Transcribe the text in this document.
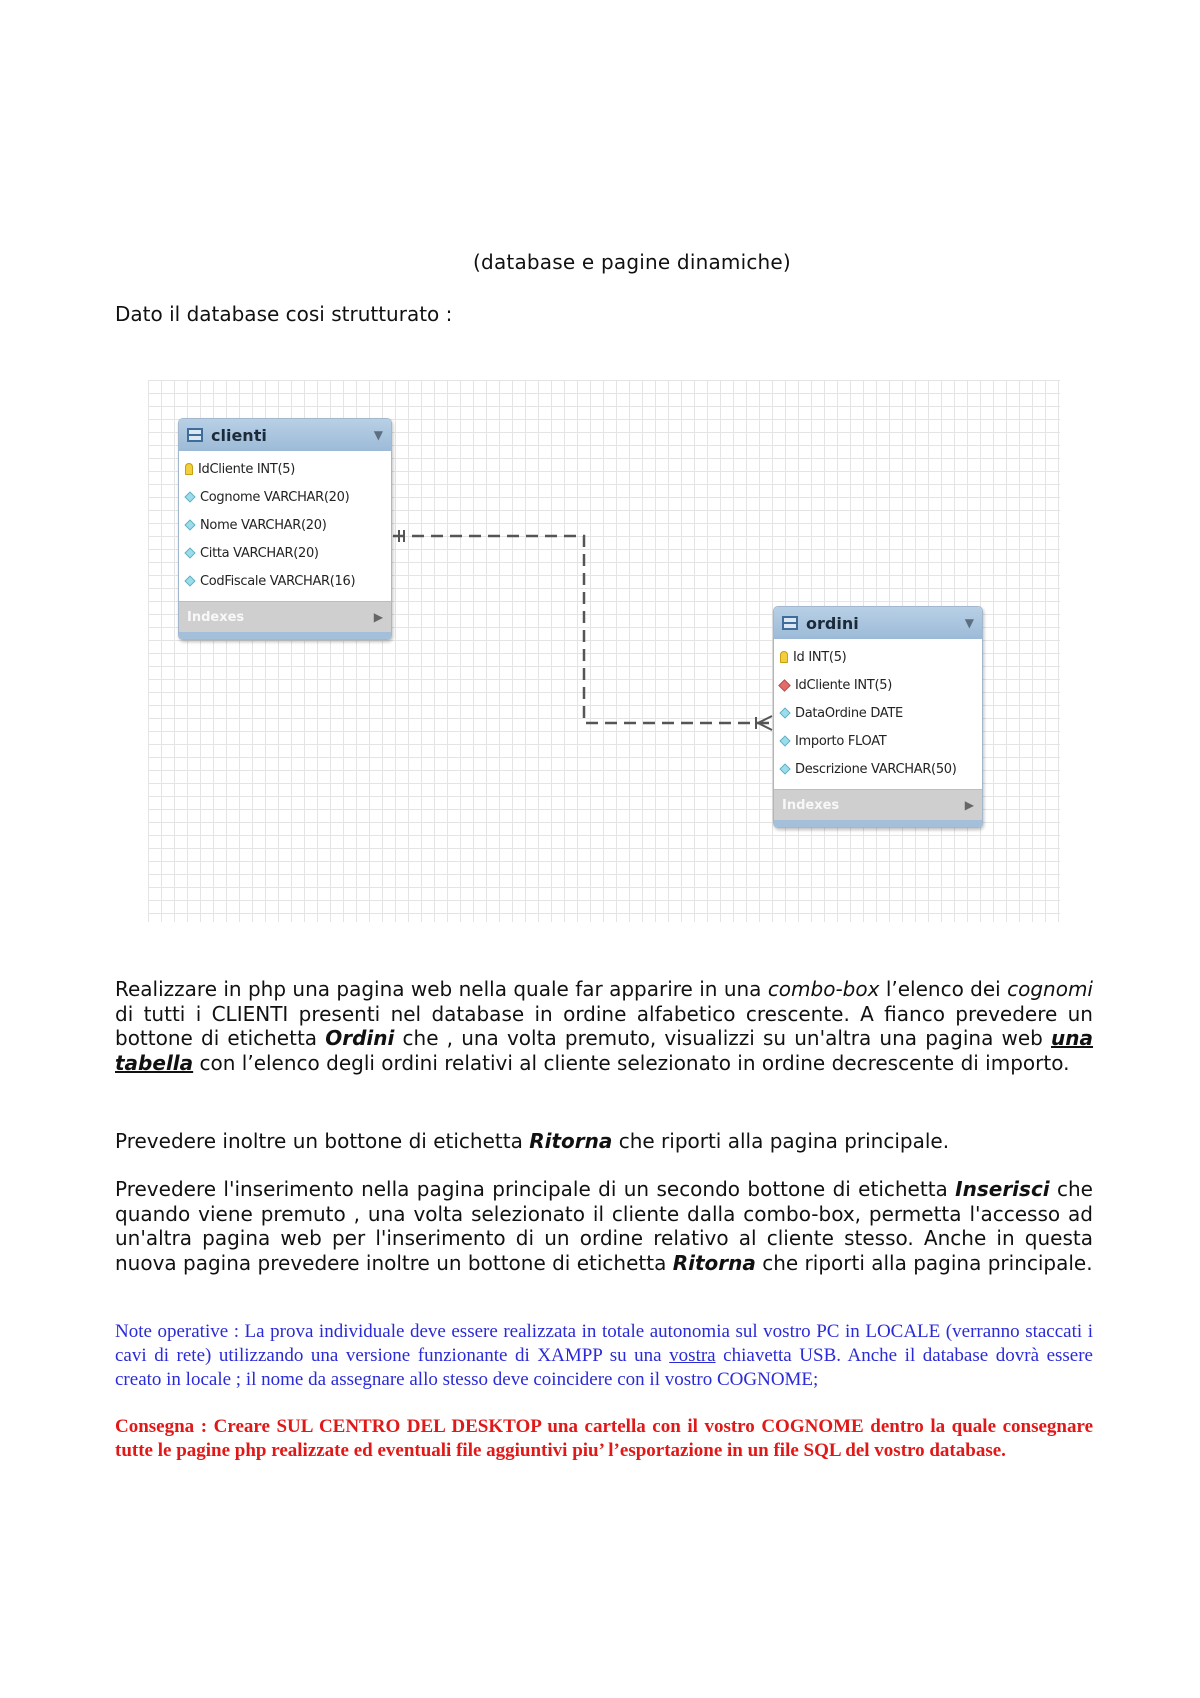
(database e pagine dinamiche)
Dato il database cosi strutturato :
clienti	▼
IdCliente INT(5)
Cognome VARCHAR(20)
Nome VARCHAR(20)
Citta VARCHAR(20)
CodFiscale VARCHAR(16)
Indexes	▶	ordini	▼
Id INT(5)
IdCliente INT(5)
DataOrdine DATE
Importo FLOAT
Descrizione VARCHAR(50)
Indexes	▶
Realizzare in php una pagina web nella quale far apparire in una combo-box l’elenco dei cognomi di tutti i CLIENTI presenti nel database in ordine alfabetico crescente. A fianco prevedere un bottone di etichetta Ordini che , una volta premuto, visualizzi su un'altra una pagina web una tabella con l’elenco degli ordini relativi al cliente selezionato in ordine decrescente di importo.
Prevedere inoltre un bottone di etichetta Ritorna che riporti alla pagina principale.
Prevedere l'inserimento nella pagina principale di un secondo bottone di etichetta Inserisci che quando viene premuto , una volta selezionato il cliente dalla combo-box, permetta l'accesso ad un'altra pagina web per l'inserimento di un ordine relativo al cliente stesso. Anche in questa nuova pagina prevedere inoltre un bottone di etichetta Ritorna che riporti alla pagina principale.
Note operative : La prova individuale deve essere realizzata in totale autonomia sul vostro PC in LOCALE (verranno staccati i cavi di rete) utilizzando una versione funzionante di XAMPP su una vostra chiavetta USB. Anche il database dovrà essere creato in locale ; il nome da assegnare allo stesso deve coincidere con il vostro COGNOME;
Consegna : Creare SUL CENTRO DEL DESKTOP una cartella con il vostro COGNOME dentro la quale consegnare tutte le pagine php realizzate ed eventuali file aggiuntivi piu’ l’esportazione in un file SQL del vostro database.
